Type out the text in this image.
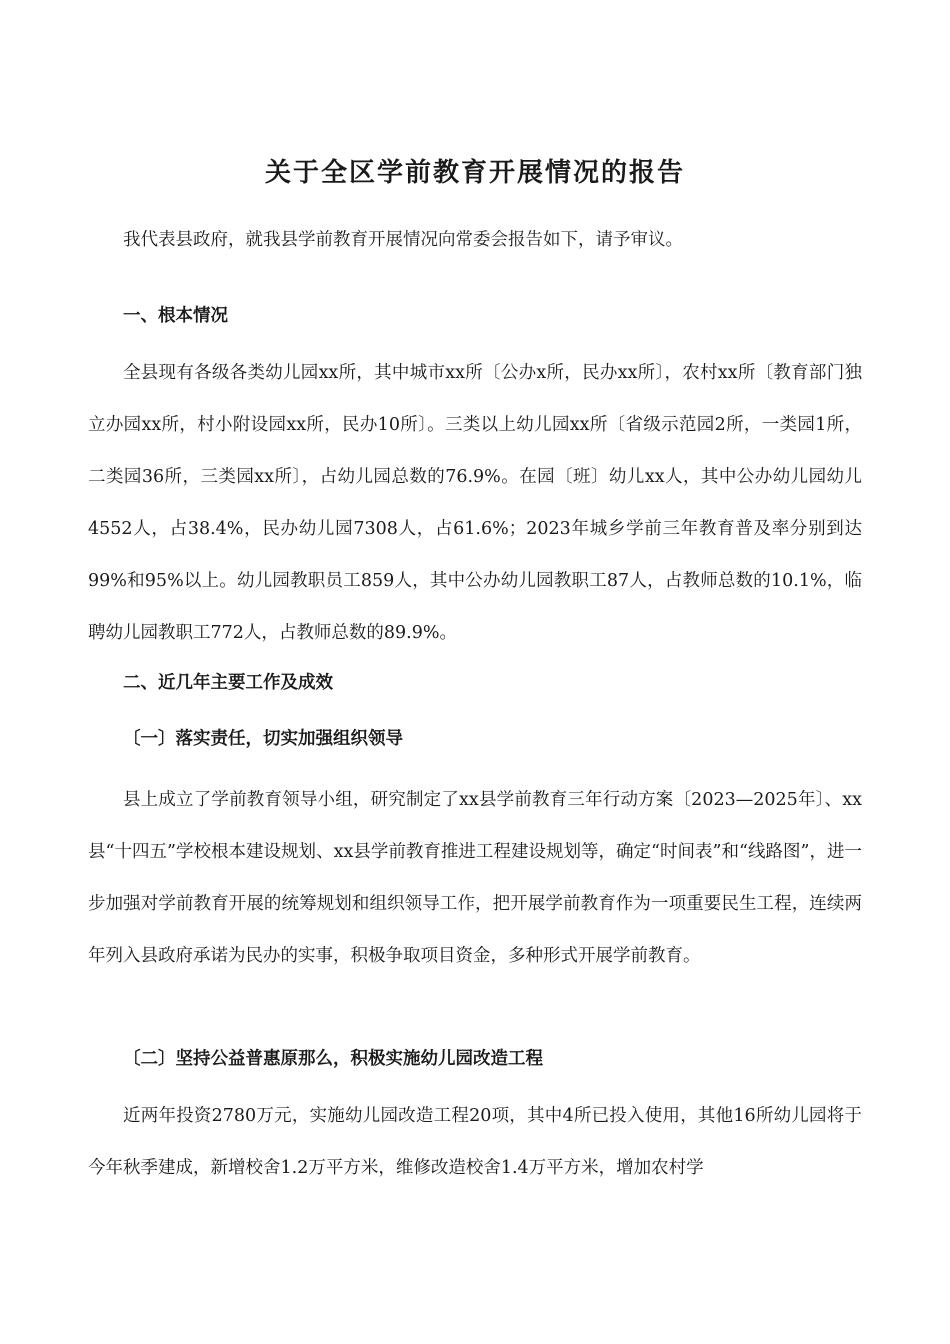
关于全区学前教育开展情况的报告

我代表县政府，就我县学前教育开展情况向常委会报告如下，请予审议。

一、根本情况

全县现有各级各类幼儿园xx所，其中城市xx所〔公办x所，民办xx所〕，农村xx所〔教育部门独立办园xx所，村小附设园xx所，民办10所〕。三类以上幼儿园xx所〔省级示范园2所，一类园1所，二类园36所，三类园xx所〕，占幼儿园总数的76.9%。在园〔班〕幼儿xx人，其中公办幼儿园幼儿4552人，占38.4%，民办幼儿园7308人，占61.6%；2023年城乡学前三年教育普及率分别到达99%和95%以上。幼儿园教职员工859人，其中公办幼儿园教职工87人，占教师总数的10.1%，临聘幼儿园教职工772人，占教师总数的89.9%。

二、近几年主要工作及成效
〔一〕落实责任，切实加强组织领导

县上成立了学前教育领导小组，研究制定了xx县学前教育三年行动方案〔2023—2025年〕、xx县“十四五”学校根本建设规划、xx县学前教育推进工程建设规划等，确定“时间表”和“线路图”，进一步加强对学前教育开展的统筹规划和组织领导工作，把开展学前教育作为一项重要民生工程，连续两年列入县政府承诺为民办的实事，积极争取项目资金，多种形式开展学前教育。

〔二〕坚持公益普惠原那么，积极实施幼儿园改造工程

近两年投资2780万元，实施幼儿园改造工程20项，其中4所已投入使用，其他16所幼儿园将于今年秋季建成，新增校舍1.2万平方米，维修改造校舍1.4万平方米，增加农村学
